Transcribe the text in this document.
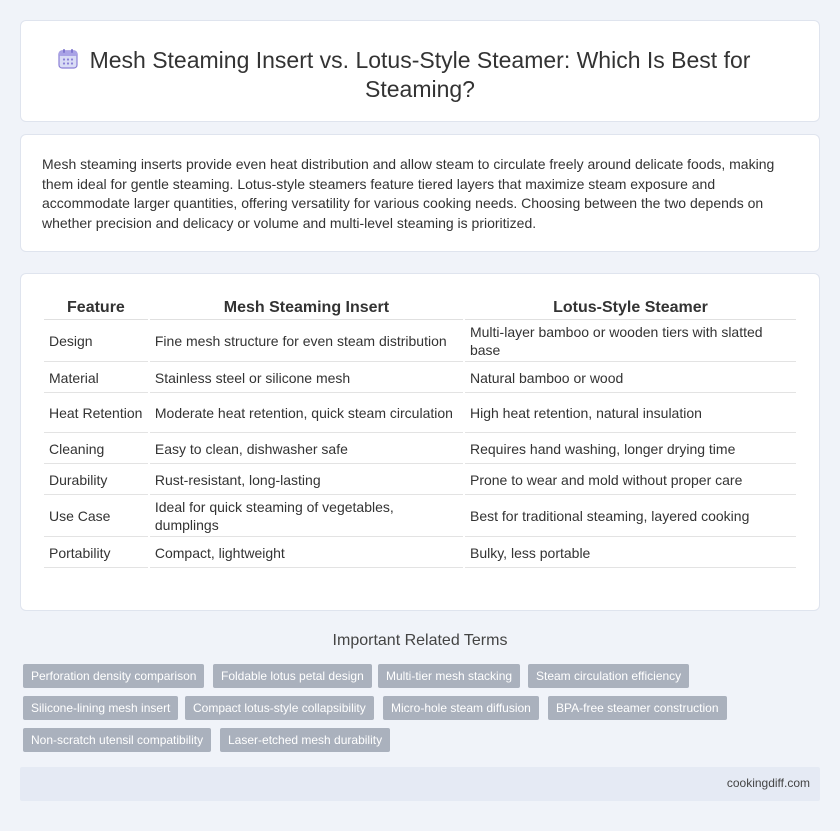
Mesh Steaming Insert vs. Lotus-Style Steamer: Which Is Best for Steaming?

Mesh steaming inserts provide even heat distribution and allow steam to circulate freely around delicate foods, making them ideal for gentle steaming. Lotus-style steamers feature tiered layers that maximize steam exposure and accommodate larger quantities, offering versatility for various cooking needs. Choosing between the two depends on whether precision and delicacy or volume and multi-level steaming is prioritized.

Feature	Mesh Steaming Insert	Lotus-Style Steamer
Design	Fine mesh structure for even steam distribution	Multi-layer bamboo or wooden tiers with slatted base
Material	Stainless steel or silicone mesh	Natural bamboo or wood
Heat Retention	Moderate heat retention, quick steam circulation	High heat retention, natural insulation
Cleaning	Easy to clean, dishwasher safe	Requires hand washing, longer drying time
Durability	Rust-resistant, long-lasting	Prone to wear and mold without proper care
Use Case	Ideal for quick steaming of vegetables, dumplings	Best for traditional steaming, layered cooking
Portability	Compact, lightweight	Bulky, less portable
Important Related Terms
Perforation density comparison	Foldable lotus petal design	Multi-tier mesh stacking	Steam circulation efficiency
Silicone-lining mesh insert	Compact lotus-style collapsibility	Micro-hole steam diffusion	BPA-free steamer construction
Non-scratch utensil compatibility	Laser-etched mesh durability
cookingdiff.com
